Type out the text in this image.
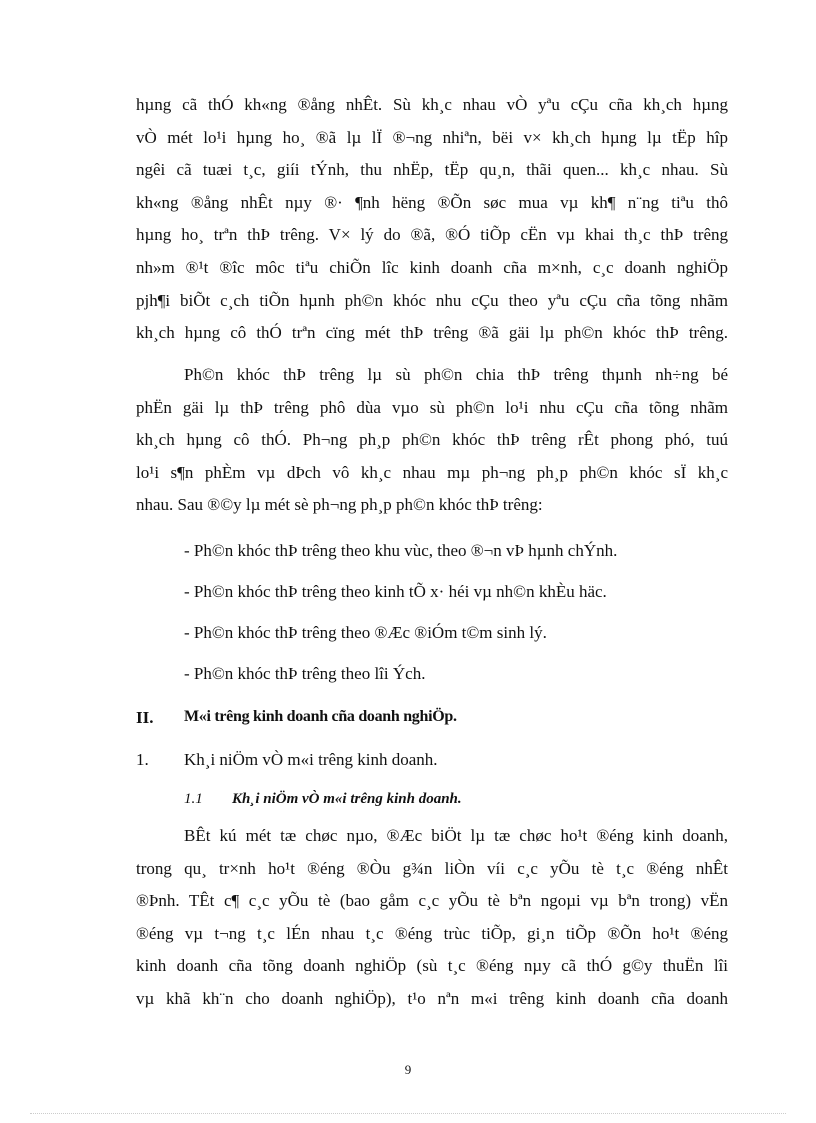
hµng cã thÓ kh«ng ®ång nhÊt. Sù kh¸c nhau vÒ yªu cÇu cña kh¸ch hµng
vÒ mét lo¹i hµng ho¸ ®ã lµ lÏ ®¬ng nhiªn, bëi v× kh¸ch hµng lµ tËp hîp
ngêi cã tuæi t¸c, giíi tÝnh, thu nhËp, tËp qu¸n, thãi quen... kh¸c nhau. Sù
kh«ng ®ång nhÊt nµy ®· ¶nh hëng ®Õn søc mua vµ kh¶ n¨ng tiªu thô
hµng ho¸ trªn thÞ trêng. V× lý do ®ã, ®Ó tiÕp cËn vµ khai th¸c thÞ trêng
nh»m ®¹t ®îc môc tiªu chiÕn lîc kinh doanh cña m×nh, c¸c doanh nghiÖp
pjh¶i biÕt c¸ch tiÕn hµnh ph©n khóc nhu cÇu theo yªu cÇu cña tõng nhãm
kh¸ch hµng cô thÓ trªn cïng mét thÞ trêng ®ã gäi lµ ph©n khóc thÞ trêng.
Ph©n khóc thÞ trêng lµ sù ph©n chia thÞ trêng thµnh nh÷ng bé
phËn gäi lµ thÞ trêng phô dùa vµo sù ph©n lo¹i nhu cÇu cña tõng nhãm
kh¸ch hµng cô thÓ. Ph¬ng ph¸p ph©n khóc thÞ trêng rÊt phong phó, tuú
lo¹i s¶n phÈm vµ dÞch vô kh¸c nhau mµ ph¬ng ph¸p ph©n khóc sÏ kh¸c
nhau. Sau ®©y lµ mét sè ph¬ng ph¸p ph©n khóc thÞ trêng:
- Ph©n khóc thÞ trêng theo khu vùc, theo ®¬n vÞ hµnh chÝnh.
- Ph©n khóc thÞ trêng theo kinh tÕ x· héi vµ nh©n khÈu häc.
- Ph©n khóc thÞ trêng theo ®Æc ®iÓm t©m sinh lý.
- Ph©n khóc thÞ trêng theo lîi Ých.
II. M«i trêng kinh doanh cña doanh nghiÖp.
1. Kh¸i niÖm vÒ m«i trêng kinh doanh.
1.1 Kh¸i niÖm vÒ m«i trêng kinh doanh.
BÊt kú mét tæ chøc nµo, ®Æc biÖt lµ tæ chøc ho¹t ®éng kinh doanh,
trong qu¸ tr×nh ho¹t ®éng ®Òu g¾n liÒn víi c¸c yÕu tè t¸c ®éng nhÊt
®Þnh. TÊt c¶ c¸c yÕu tè (bao gåm c¸c yÕu tè bªn ngoµi vµ bªn trong) vËn
®éng vµ t¬ng t¸c lÉn nhau t¸c ®éng trùc tiÕp, gi¸n tiÕp ®Õn ho¹t ®éng
kinh doanh cña tõng doanh nghiÖp (sù t¸c ®éng nµy cã thÓ g©y thuËn lîi
vµ khã kh¨n cho doanh nghiÖp), t¹o nªn m«i trêng kinh doanh cña doanh
9
